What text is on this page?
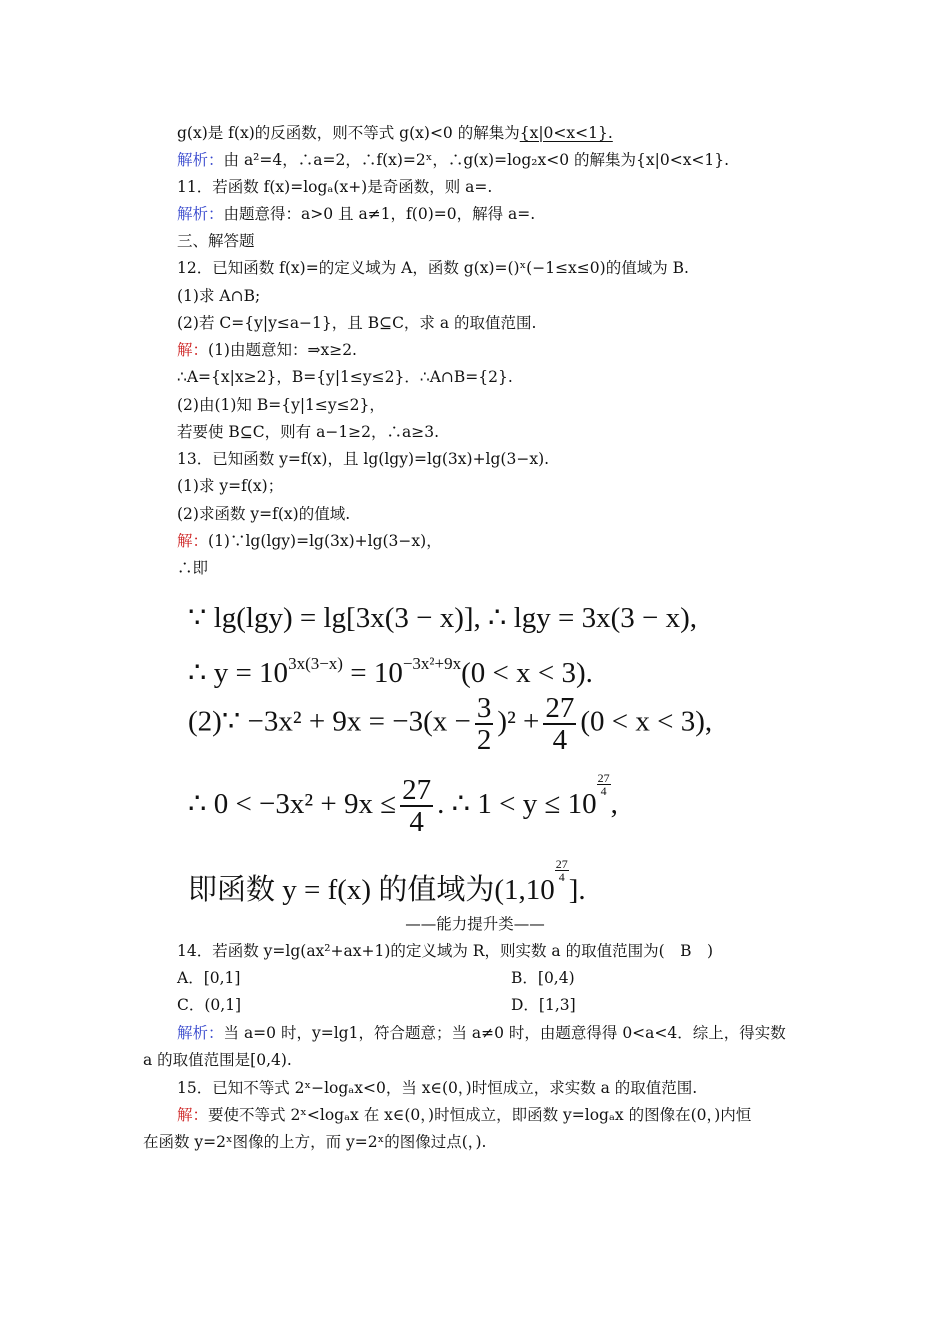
g(x)是 f(x)的反函数，则不等式 g(x)<0 的解集为{x|0<x<1}.
解析：由 a²=4，∴a=2，∴f(x)=2ˣ，∴g(x)=log₂x<0 的解集为{x|0<x<1}.
11．若函数 f(x)=logₐ(x+)是奇函数，则 a=.
解析：由题意得：a>0 且 a≠1，f(0)=0，解得 a=.
三、解答题
12．已知函数 f(x)=的定义域为 A，函数 g(x)=()ˣ(−1≤x≤0)的值域为 B.
(1)求 A∩B;
(2)若 C={y|y≤a−1}，且 B⊆C，求 a 的取值范围.
解：(1)由题意知：⇒x≥2.
∴A={x|x≥2}，B={y|1≤y≤2}．∴A∩B={2}.
(2)由(1)知 B={y|1≤y≤2}，
若要使 B⊆C，则有 a−1≥2，∴a≥3.
13．已知函数 y=f(x)，且 lg(lgy)=lg(3x)+lg(3−x).
(1)求 y=f(x)；
(2)求函数 y=f(x)的值域.
解：(1)∵lg(lgy)=lg(3x)+lg(3−x)，
∴即
∵ lg(lgy) = lg[3x(3 − x)], ∴ lgy = 3x(3 − x),
∴ $y = 10^{3x(3-x)} = 10^{-3x^2+9x}(0 < x < 3)$.
(2)∵ $-3x^2 + 9x = -3(x - \frac{3}{2} )^2 + \frac{27}{4} (0 < x < 3)$,
∴ $0 < -3x^2 + 9x \le \frac{27}{4}$ . ∴ 1 < y ≤ 10
$\frac{27}{4}$
,
即函数 y = f(x) 的值域为(1,10
$\frac{27}{4}$
].
——能力提升类——
14．若函数 y=lg(ax²+ax+1)的定义域为 R，则实数 a 的取值范围为(　B　)
A．[0,1]	B．[0,4)
C．(0,1]	D．[1,3]
解析：当 a=0 时，y=lg1，符合题意；当 a≠0 时，由题意得得 0<a<4．综上，得实数
a 的取值范围是[0,4).
15．已知不等式 2ˣ−logₐx<0，当 x∈(0，)时恒成立，求实数 a 的取值范围.
解：要使不等式 2ˣ<logₐx 在 x∈(0，)时恒成立，即函数 y=logₐx 的图像在(0，)内恒
在函数 y=2ˣ图像的上方，而 y=2ˣ的图像过点(，).
